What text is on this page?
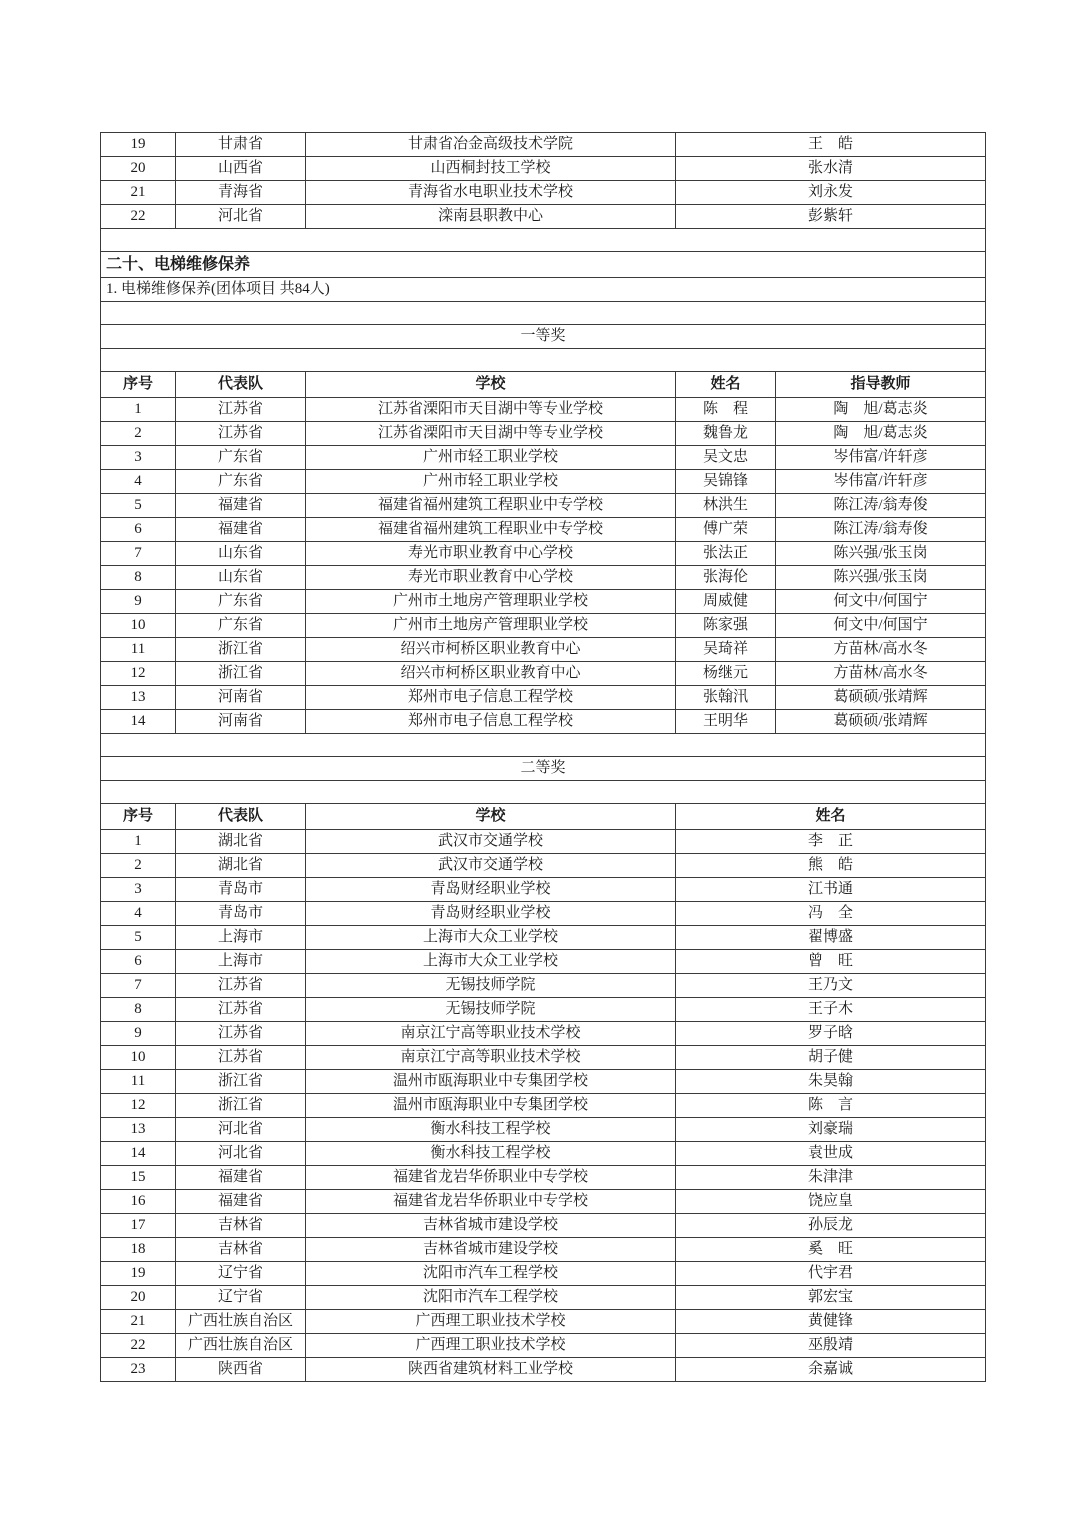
19	甘肃省	甘肃省冶金高级技术学院	王　皓	
20	山西省	山西桐封技工学校	张水清	
21	青海省	青海省水电职业技术学校	刘永发	
22	河北省	滦南县职教中心	彭紫轩	

二十、电梯维修保养				
1. 电梯维修保养(团体项目 共84人)				

一等奖				

序号	代表队	学校	姓名	指导教师
1	江苏省	江苏省溧阳市天目湖中等专业学校	陈　程	陶　旭/葛志炎
2	江苏省	江苏省溧阳市天目湖中等专业学校	魏鲁龙	陶　旭/葛志炎
3	广东省	广州市轻工职业学校	吴文忠	岑伟富/许轩彦
4	广东省	广州市轻工职业学校	吴锦锋	岑伟富/许轩彦
5	福建省	福建省福州建筑工程职业中专学校	林洪生	陈江涛/翁寿俊
6	福建省	福建省福州建筑工程职业中专学校	傅广荣	陈江涛/翁寿俊
7	山东省	寿光市职业教育中心学校	张法正	陈兴强/张玉岗
8	山东省	寿光市职业教育中心学校	张海伦	陈兴强/张玉岗
9	广东省	广州市土地房产管理职业学校	周威健	何文中/何国宁
10	广东省	广州市土地房产管理职业学校	陈家强	何文中/何国宁
11	浙江省	绍兴市柯桥区职业教育中心	吴琦祥	方苗林/高水冬
12	浙江省	绍兴市柯桥区职业教育中心	杨继元	方苗林/高水冬
13	河南省	郑州市电子信息工程学校	张翰汛	葛硕硕/张靖辉
14	河南省	郑州市电子信息工程学校	王明华	葛硕硕/张靖辉

二等奖				

序号	代表队	学校	姓名	
1	湖北省	武汉市交通学校	李　正	
2	湖北省	武汉市交通学校	熊　皓	
3	青岛市	青岛财经职业学校	江书通	
4	青岛市	青岛财经职业学校	冯　全	
5	上海市	上海市大众工业学校	翟博盛	
6	上海市	上海市大众工业学校	曾　旺	
7	江苏省	无锡技师学院	王乃文	
8	江苏省	无锡技师学院	王子木	
9	江苏省	南京江宁高等职业技术学校	罗子晗	
10	江苏省	南京江宁高等职业技术学校	胡子健	
11	浙江省	温州市瓯海职业中专集团学校	朱昊翰	
12	浙江省	温州市瓯海职业中专集团学校	陈　言	
13	河北省	衡水科技工程学校	刘豪瑞	
14	河北省	衡水科技工程学校	袁世成	
15	福建省	福建省龙岩华侨职业中专学校	朱津津	
16	福建省	福建省龙岩华侨职业中专学校	饶应皇	
17	吉林省	吉林省城市建设学校	孙辰龙	
18	吉林省	吉林省城市建设学校	奚　旺	
19	辽宁省	沈阳市汽车工程学校	代宇君	
20	辽宁省	沈阳市汽车工程学校	郭宏宝	
21	广西壮族自治区	广西理工职业技术学校	黄健锋	
22	广西壮族自治区	广西理工职业技术学校	巫殷靖	
23	陕西省	陕西省建筑材料工业学校	余嘉诚	
